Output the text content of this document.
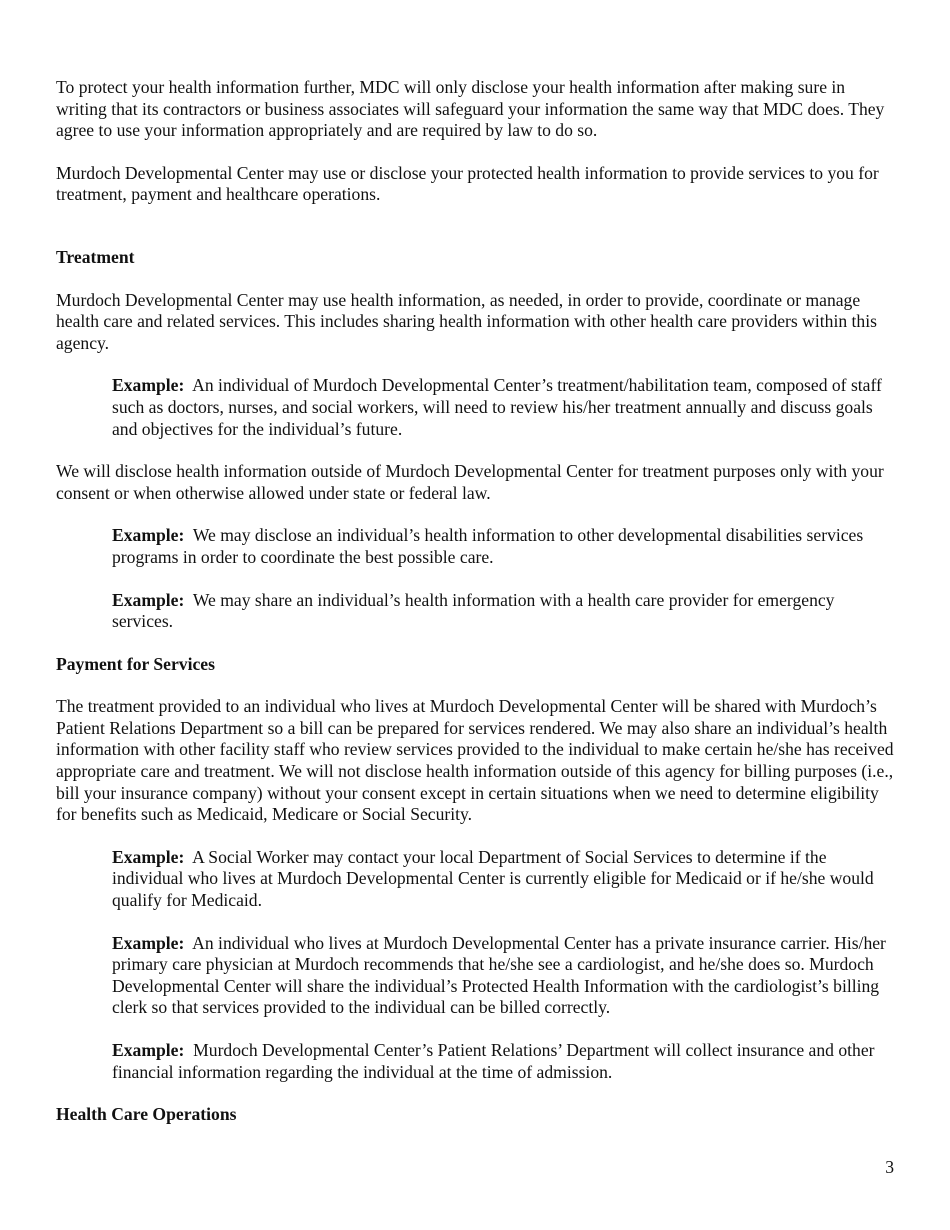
To protect your health information further, MDC will only disclose your health information after making sure in writing that its contractors or business associates will safeguard your information the same way that MDC does. They agree to use your information appropriately and are required by law to do so.

Murdoch Developmental Center may use or disclose your protected health information to provide services to you for treatment, payment and healthcare operations.

Treatment

Murdoch Developmental Center may use health information, as needed, in order to provide, coordinate or manage health care and related services. This includes sharing health information with other health care providers within this agency.

Example: An individual of Murdoch Developmental Center’s treatment/habilitation team, composed of staff such as doctors, nurses, and social workers, will need to review his/her treatment annually and discuss goals and objectives for the individual’s future.

We will disclose health information outside of Murdoch Developmental Center for treatment purposes only with your consent or when otherwise allowed under state or federal law.

Example: We may disclose an individual’s health information to other developmental disabilities services programs in order to coordinate the best possible care.

Example: We may share an individual’s health information with a health care provider for emergency services.

Payment for Services

The treatment provided to an individual who lives at Murdoch Developmental Center will be shared with Murdoch’s Patient Relations Department so a bill can be prepared for services rendered. We may also share an individual’s health information with other facility staff who review services provided to the individual to make certain he/she has received appropriate care and treatment. We will not disclose health information outside of this agency for billing purposes (i.e., bill your insurance company) without your consent except in certain situations when we need to determine eligibility for benefits such as Medicaid, Medicare or Social Security.

Example: A Social Worker may contact your local Department of Social Services to determine if the individual who lives at Murdoch Developmental Center is currently eligible for Medicaid or if he/she would qualify for Medicaid.

Example: An individual who lives at Murdoch Developmental Center has a private insurance carrier. His/her primary care physician at Murdoch recommends that he/she see a cardiologist, and he/she does so. Murdoch Developmental Center will share the individual’s Protected Health Information with the cardiologist’s billing clerk so that services provided to the individual can be billed correctly.

Example: Murdoch Developmental Center’s Patient Relations’ Department will collect insurance and other financial information regarding the individual at the time of admission.

Health Care Operations
3
